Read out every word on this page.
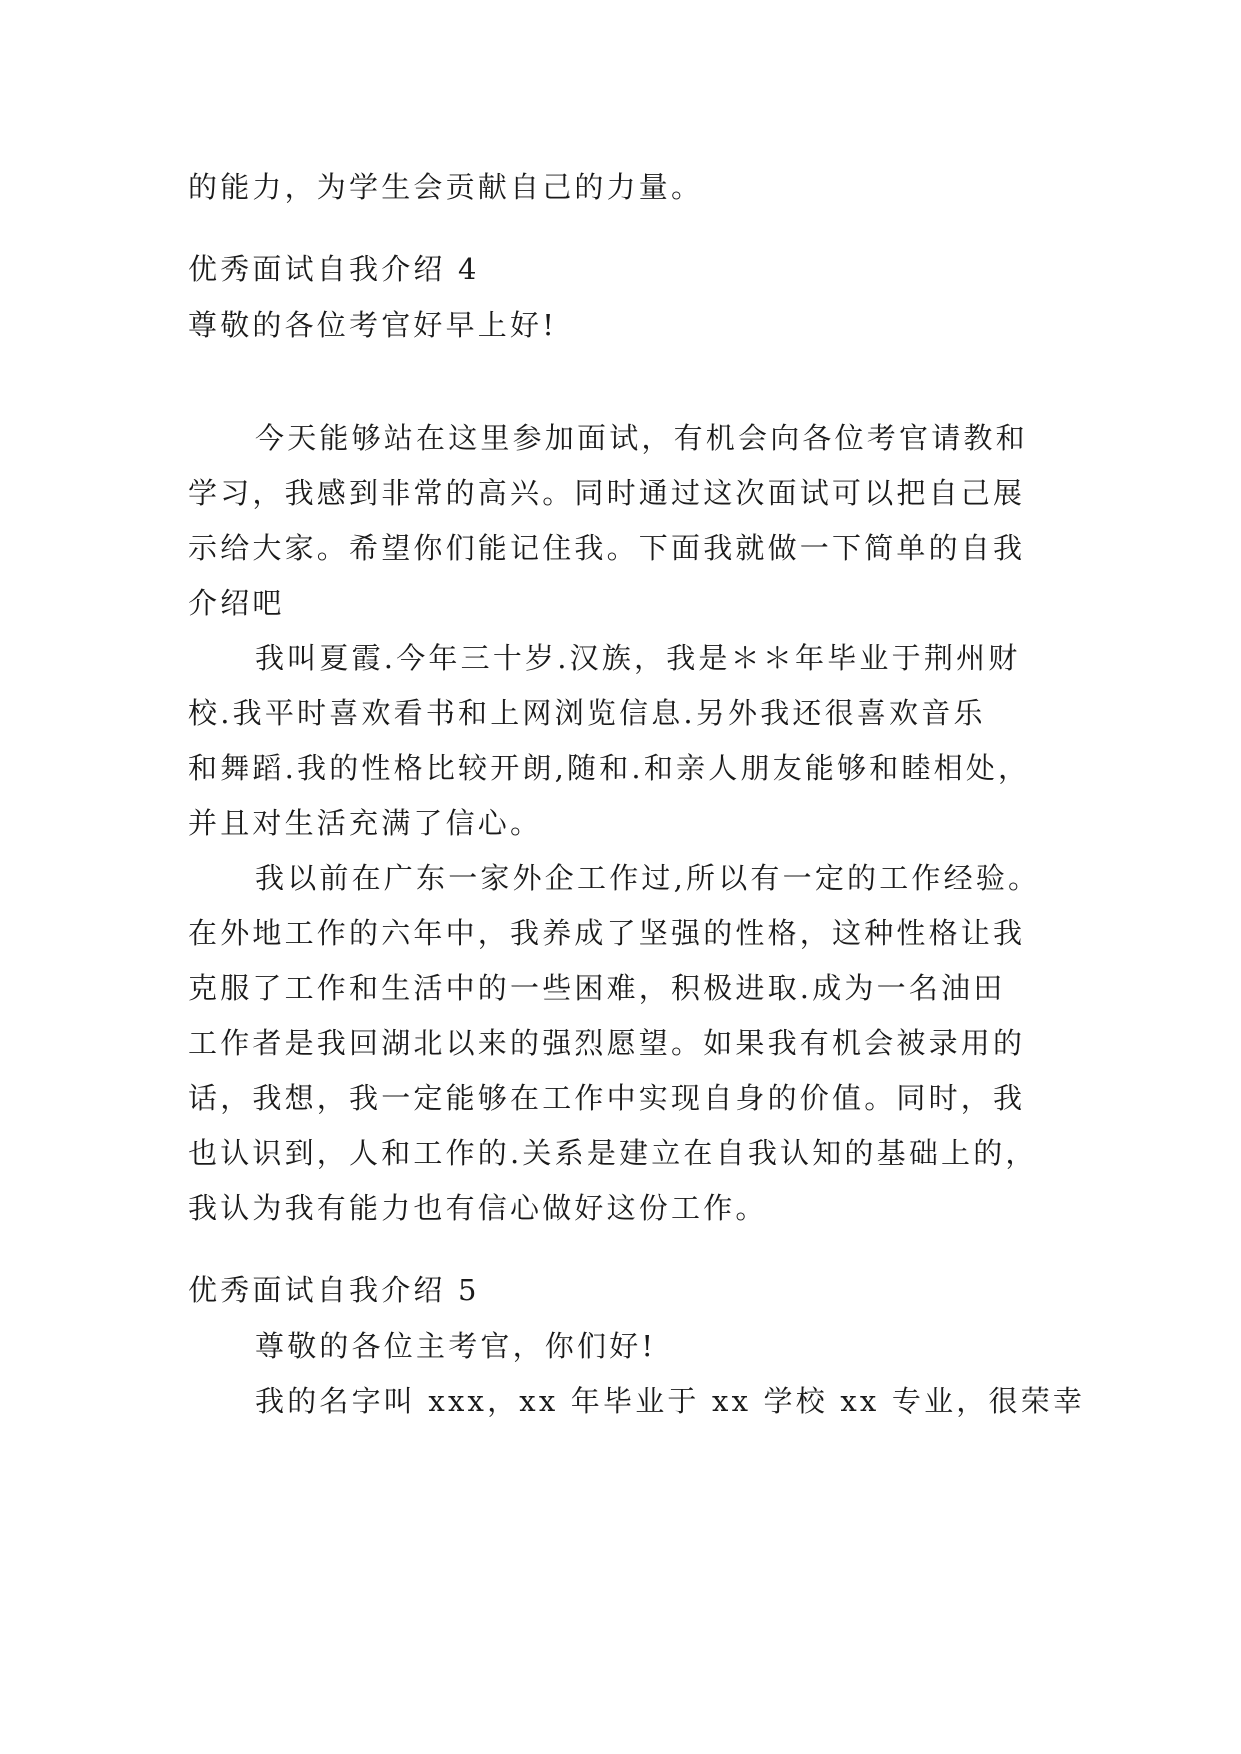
的能力，为学生会贡献自己的力量。
优秀面试自我介绍 4
尊敬的各位考官好早上好!
今天能够站在这里参加面试，有机会向各位考官请教和
学习，我感到非常的高兴。同时通过这次面试可以把自己展
示给大家。希望你们能记住我。下面我就做一下简单的自我
介绍吧
我叫夏霞.今年三十岁.汉族，我是＊＊年毕业于荆州财
校.我平时喜欢看书和上网浏览信息.另外我还很喜欢音乐
和舞蹈.我的性格比较开朗,随和.和亲人朋友能够和睦相处，
并且对生活充满了信心。
我以前在广东一家外企工作过,所以有一定的工作经验。
在外地工作的六年中，我养成了坚强的性格，这种性格让我
克服了工作和生活中的一些困难，积极进取.成为一名油田
工作者是我回湖北以来的强烈愿望。如果我有机会被录用的
话，我想，我一定能够在工作中实现自身的价值。同时，我
也认识到，人和工作的.关系是建立在自我认知的基础上的，
我认为我有能力也有信心做好这份工作。
优秀面试自我介绍 5
尊敬的各位主考官，你们好!
我的名字叫 xxx，xx 年毕业于 xx 学校 xx 专业，很荣幸
